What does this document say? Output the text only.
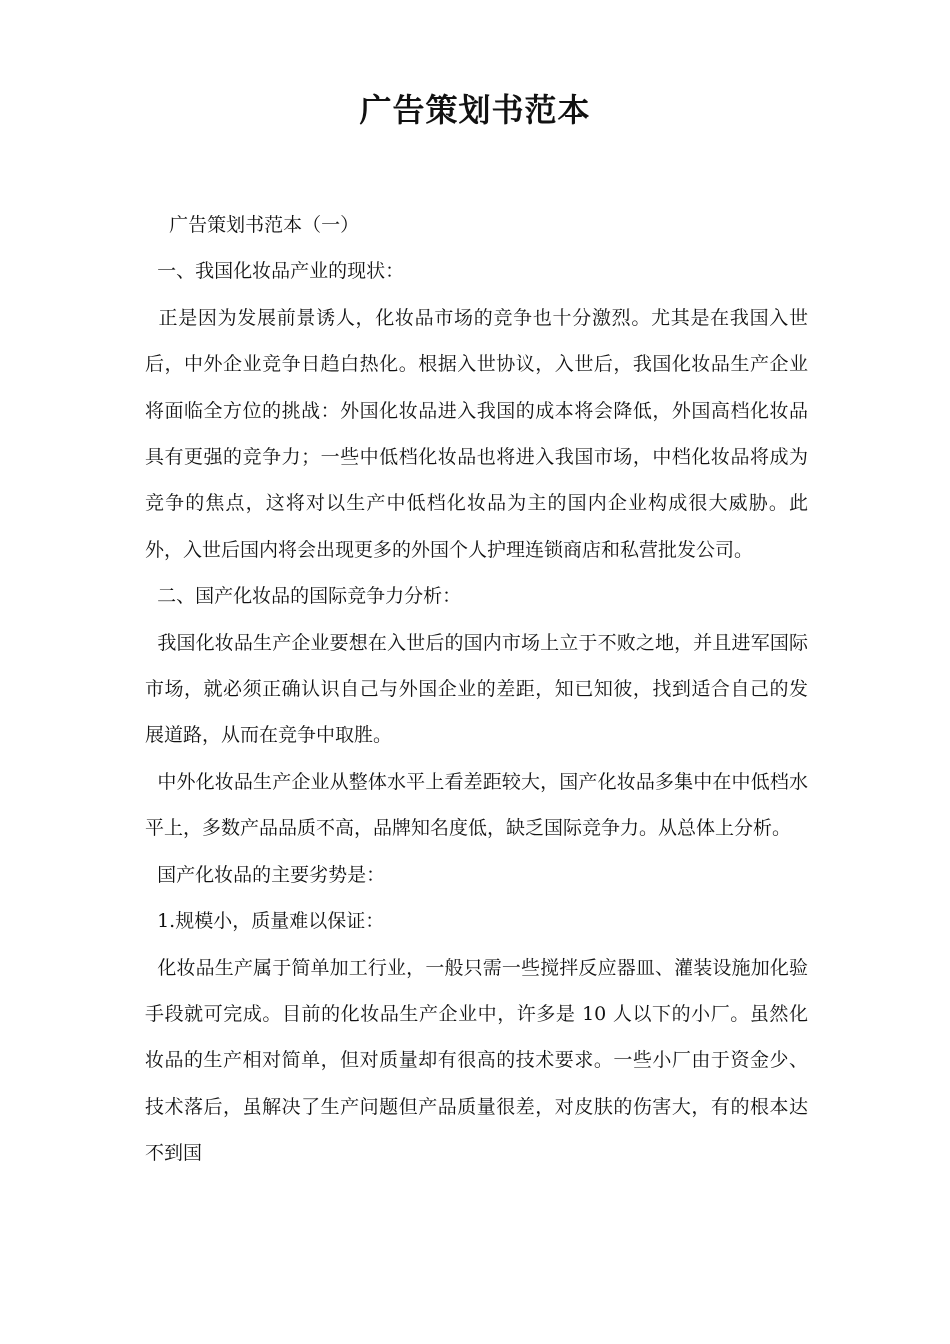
广告策划书范本

广告策划书范本（一）

一、我国化妆品产业的现状：

正是因为发展前景诱人，化妆品市场的竞争也十分激烈。尤其是在我国入世后，中外企业竞争日趋白热化。根据入世协议，入世后，我国化妆品生产企业将面临全方位的挑战：外国化妆品进入我国的成本将会降低，外国高档化妆品具有更强的竞争力；一些中低档化妆品也将进入我国市场，中档化妆品将成为竞争的焦点，这将对以生产中低档化妆品为主的国内企业构成很大威胁。此外，入世后国内将会出现更多的外国个人护理连锁商店和私营批发公司。

二、国产化妆品的国际竞争力分析：

我国化妆品生产企业要想在入世后的国内市场上立于不败之地，并且进军国际市场，就必须正确认识自己与外国企业的差距，知已知彼，找到适合自己的发展道路，从而在竞争中取胜。

中外化妆品生产企业从整体水平上看差距较大，国产化妆品多集中在中低档水平上，多数产品品质不高，品牌知名度低，缺乏国际竞争力。从总体上分析。

国产化妆品的主要劣势是：

1.规模小，质量难以保证：

化妆品生产属于简单加工行业，一般只需一些搅拌反应器皿、灌装设施加化验手段就可完成。目前的化妆品生产企业中，许多是 10 人以下的小厂。虽然化妆品的生产相对简单，但对质量却有很高的技术要求。一些小厂由于资金少、技术落后，虽解决了生产问题但产品质量很差，对皮肤的伤害大，有的根本达不到国
